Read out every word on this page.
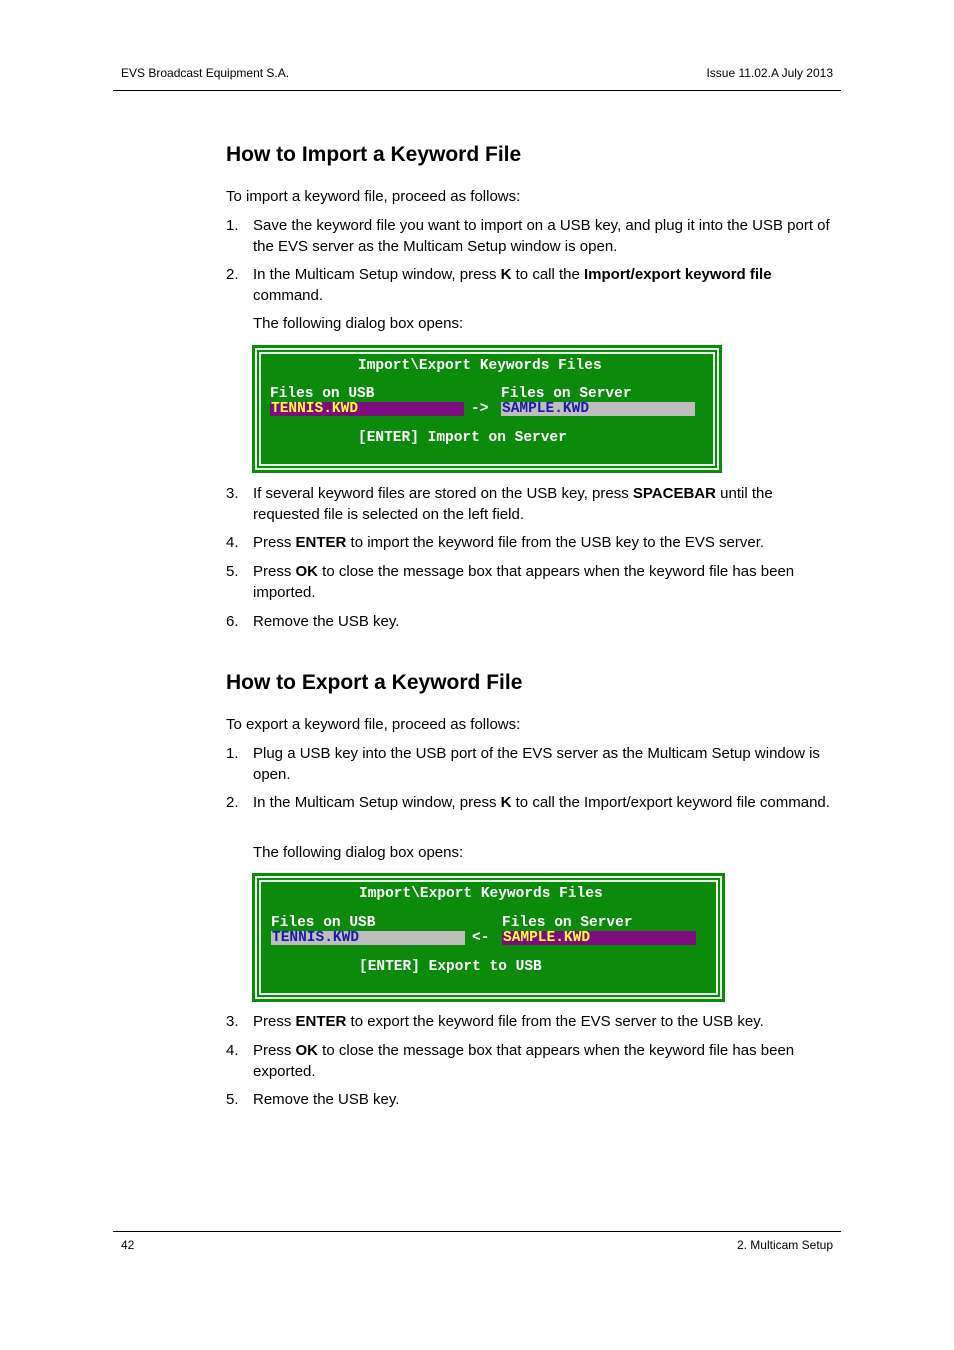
EVS Broadcast Equipment S.A.	Issue 11.02.A July 2013
How to Import a Keyword File
To import a keyword file, proceed as follows:
1. Save the keyword file you want to import on a USB key, and plug it into the USB port of the EVS server as the Multicam Setup window is open.
2. In the Multicam Setup window, press K to call the Import/export keyword file command.
The following dialog box opens:
3. If several keyword files are stored on the USB key, press SPACEBAR until the requested file is selected on the left field.
4. Press ENTER to import the keyword file from the USB key to the EVS server.
5. Press OK to close the message box that appears when the keyword file has been imported.
6. Remove the USB key.
How to Export a Keyword File
To export a keyword file, proceed as follows:
1. Plug a USB key into the USB port of the EVS server as the Multicam Setup window is open.
2. In the Multicam Setup window, press K to call the Import/export keyword file command.
The following dialog box opens:
3. Press ENTER to export the keyword file from the EVS server to the USB key.
4. Press OK to close the message box that appears when the keyword file has been exported.
5. Remove the USB key.
Import\Export Keywords Files
Files on USB	Files on Server
TENNIS.KWD	-> SAMPLE.KWD
[ENTER] Import on Server
Import\Export Keywords Files
Files on USB	Files on Server
TENNIS.KWD	<- SAMPLE.KWD
[ENTER] Export to USB
42	2. Multicam Setup
